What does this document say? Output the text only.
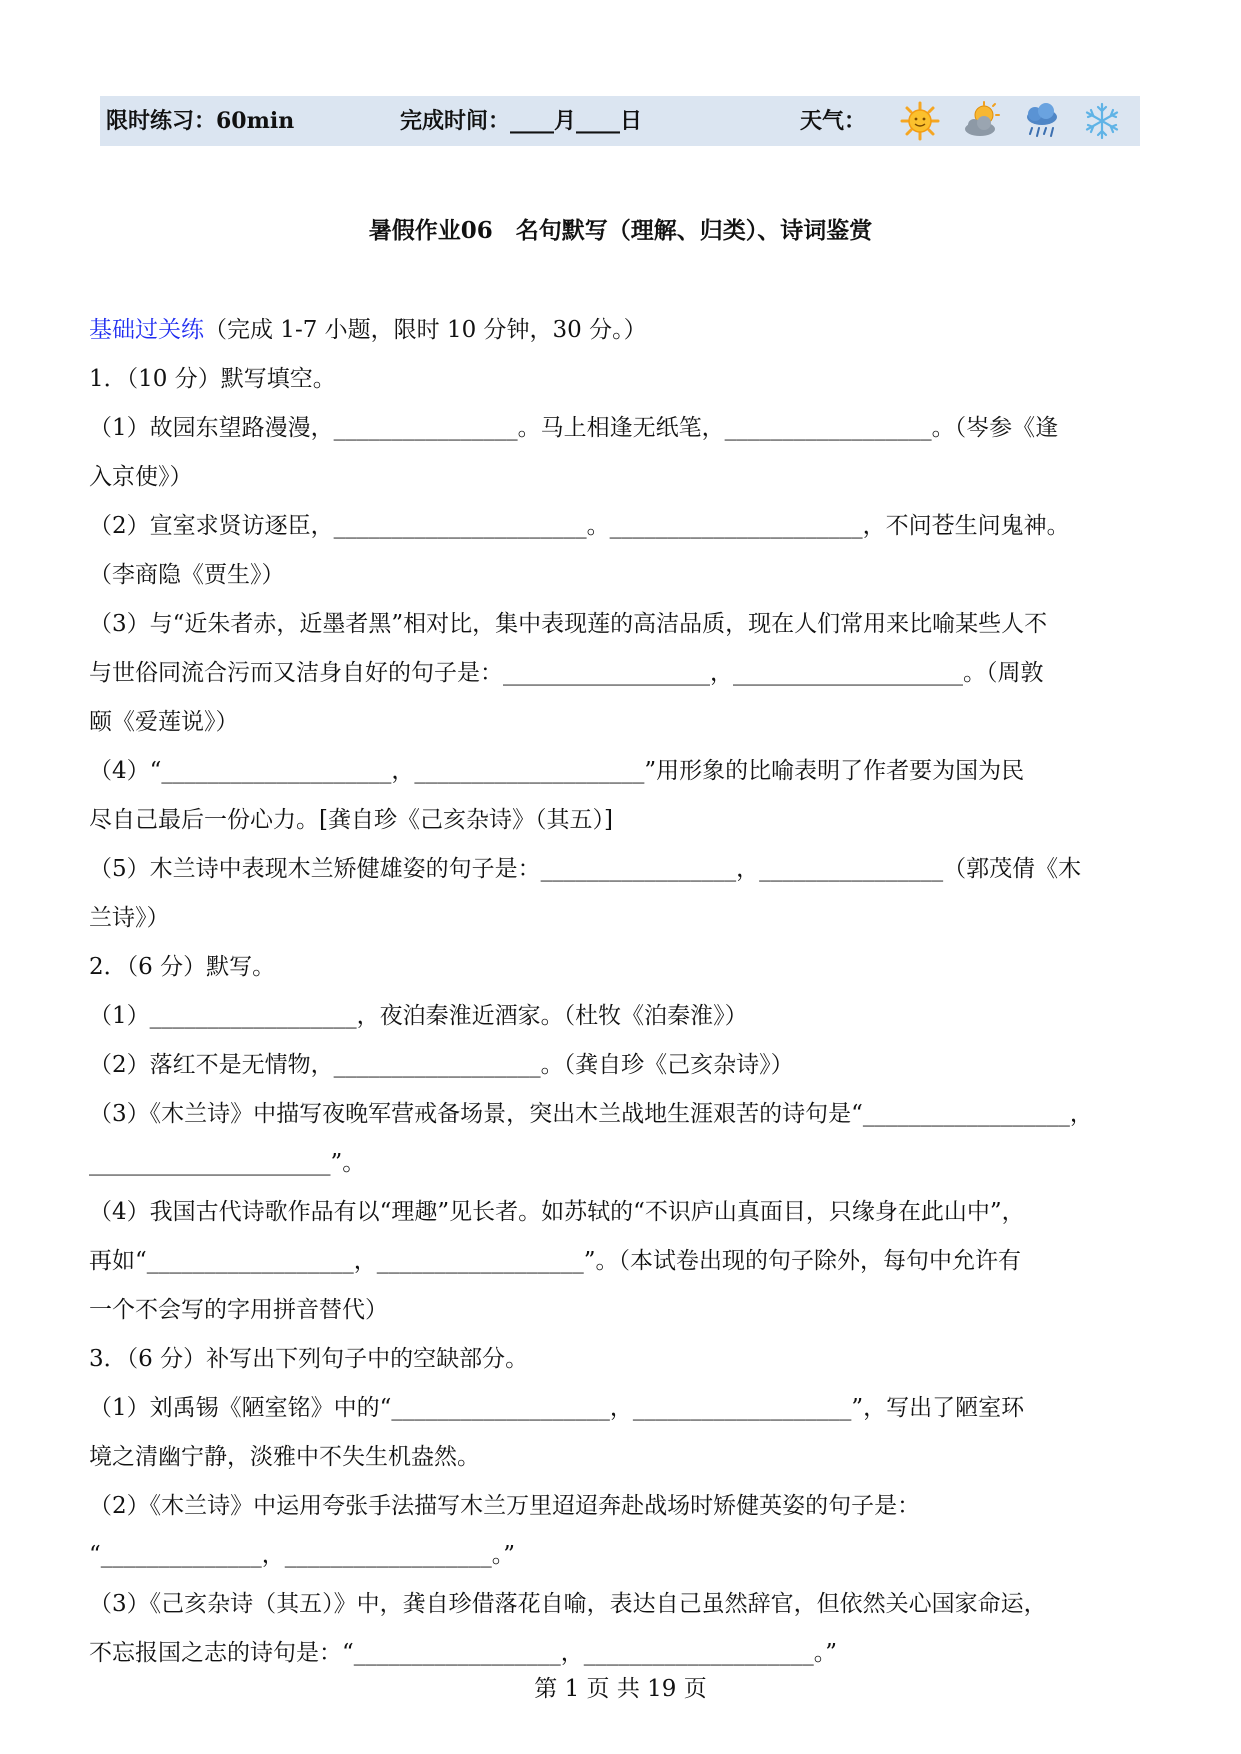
限时练习：60min	完成时间：____月____日	天气：
暑假作业06　名句默写（理解、归类）、诗词鉴赏
基础过关练（完成 1-7 小题，限时 10 分钟，30 分。）
1．（10 分）默写填空。
（1）故园东望路漫漫，________________。马上相逢无纸笔，__________________。（岑参《逢
入京使》）
（2）宣室求贤访逐臣，______________________。______________________，不问苍生问鬼神。
（李商隐《贾生》）
（3）与“近朱者赤，近墨者黑”相对比，集中表现莲的高洁品质，现在人们常用来比喻某些人不
与世俗同流合污而又洁身自好的句子是：__________________，____________________。（周敦
颐《爱莲说》）
（4）“____________________，____________________”用形象的比喻表明了作者要为国为民
尽自己最后一份心力。[龚自珍《己亥杂诗》（其五）]
（5）木兰诗中表现木兰矫健雄姿的句子是：_________________，________________（郭茂倩《木
兰诗》）
2．（6 分）默写。
（1）__________________，夜泊秦淮近酒家。（杜牧《泊秦淮》）
（2）落红不是无情物，__________________。（龚自珍《己亥杂诗》）
（3）《木兰诗》中描写夜晚军营戒备场景，突出木兰战地生涯艰苦的诗句是“__________________，
_____________________”。
（4）我国古代诗歌作品有以“理趣”见长者。如苏轼的“不识庐山真面目，只缘身在此山中”，
再如“__________________，__________________”。（本试卷出现的句子除外，每句中允许有
一个不会写的字用拼音替代）
3．（6 分）补写出下列句子中的空缺部分。
（1）刘禹锡《陋室铭》中的“___________________，___________________”，写出了陋室环
境之清幽宁静，淡雅中不失生机盎然。
（2）《木兰诗》中运用夸张手法描写木兰万里迢迢奔赴战场时矫健英姿的句子是：
“______________，__________________。”
（3）《己亥杂诗（其五）》中，龚自珍借落花自喻，表达自己虽然辞官，但依然关心国家命运，
不忘报国之志的诗句是：“__________________，____________________。”
第 1 页 共 19 页
